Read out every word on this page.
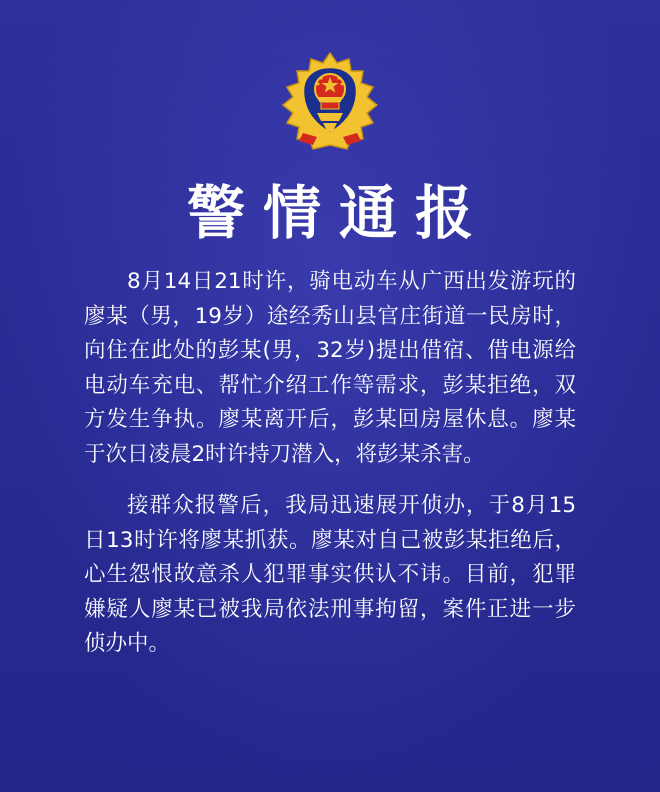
警情通报

8月14日21时许，骑电动车从广西出发游玩的廖某（男，19岁）途经秀山县官庄街道一民房时，向住在此处的彭某(男，32岁)提出借宿、借电源给电动车充电、帮忙介绍工作等需求，彭某拒绝，双方发生争执。廖某离开后，彭某回房屋休息。廖某于次日凌晨2时许持刀潜入，将彭某杀害。

接群众报警后，我局迅速展开侦办，于8月15日13时许将廖某抓获。廖某对自己被彭某拒绝后，心生怨恨故意杀人犯罪事实供认不讳。目前，犯罪嫌疑人廖某已被我局依法刑事拘留，案件正进一步侦办中。
